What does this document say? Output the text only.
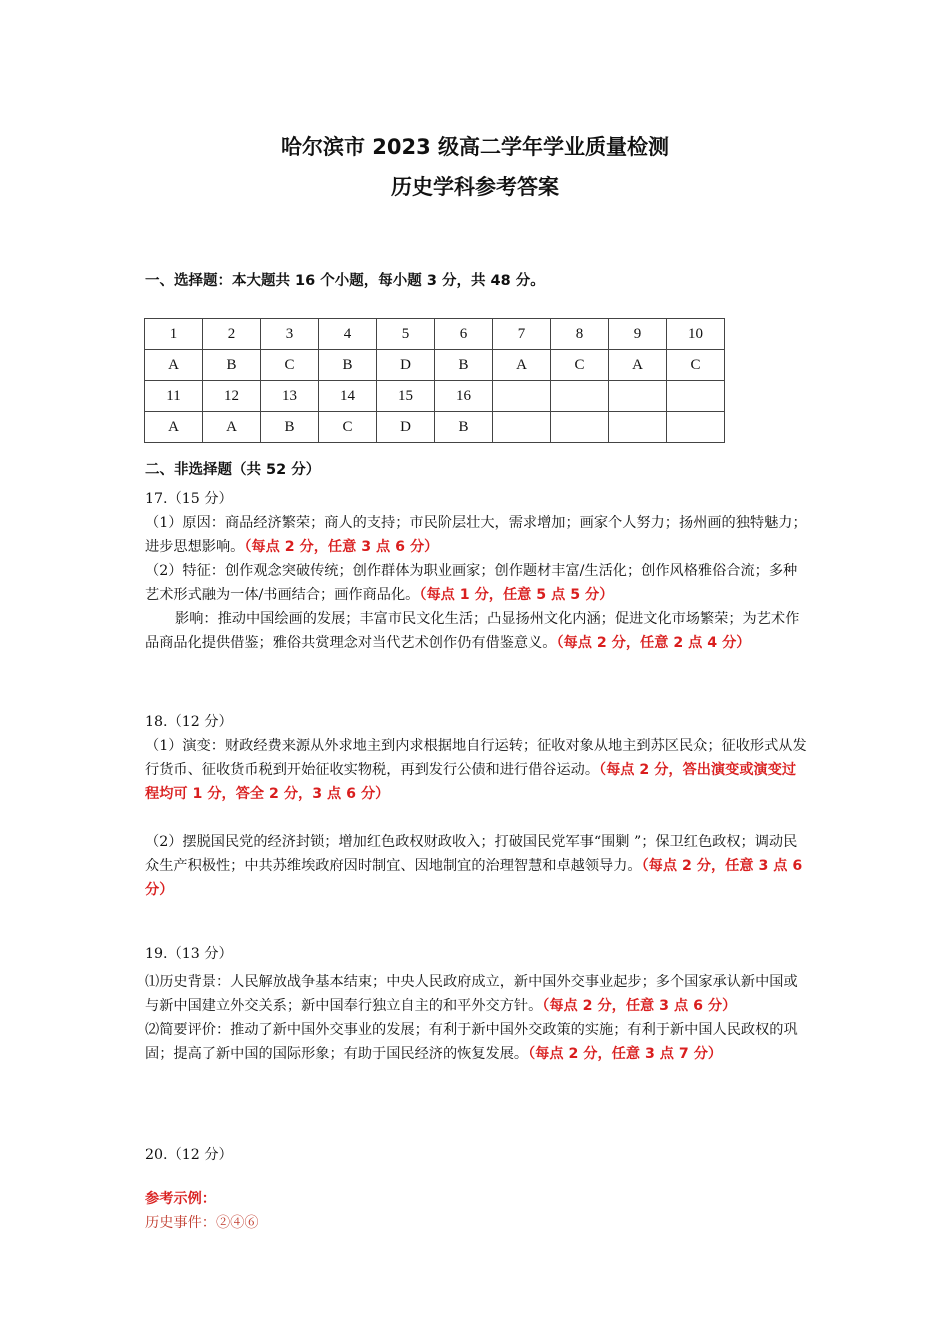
哈尔滨市 2023 级高二学年学业质量检测
历史学科参考答案
一、选择题：本大题共 16 个小题，每小题 3 分，共 48 分。
1	2	3	4	5	6	7	8	9	10
A	B	C	B	D	B	A	C	A	C
11	12	13	14	15	16				
A	A	B	C	D	B				
二、非选择题（共 52 分）

17.（15 分）

（1）原因：商品经济繁荣；商人的支持；市民阶层壮大，需求增加；画家个人努力；扬州画的独特魅力；进步思想影响。（每点 2 分，任意 3 点 6 分）

（2）特征：创作观念突破传统；创作群体为职业画家；创作题材丰富/生活化；创作风格雅俗合流；多种艺术形式融为一体/书画结合；画作商品化。（每点 1 分，任意 5 点 5 分）

影响：推动中国绘画的发展；丰富市民文化生活；凸显扬州文化内涵；促进文化市场繁荣；为艺术作品商品化提供借鉴；雅俗共赏理念对当代艺术创作仍有借鉴意义。（每点 2 分，任意 2 点 4 分）

18.（12 分）

（1）演变：财政经费来源从外求地主到内求根据地自行运转；征收对象从地主到苏区民众；征收形式从发行货币、征收货币税到开始征收实物税，再到发行公债和进行借谷运动。（每点 2 分，答出演变或演变过程均可 1 分，答全 2 分，3 点 6 分）

（2）摆脱国民党的经济封锁；增加红色政权财政收入；打破国民党军事“围剿 ”；保卫红色政权；调动民众生产积极性；中共苏维埃政府因时制宜、因地制宜的治理智慧和卓越领导力。（每点 2 分，任意 3 点 6 分）

19.（13 分）

⑴历史背景：人民解放战争基本结束；中央人民政府成立，新中国外交事业起步；多个国家承认新中国或与新中国建立外交关系；新中国奉行独立自主的和平外交方针。（每点 2 分，任意 3 点 6 分）

⑵简要评价：推动了新中国外交事业的发展；有利于新中国外交政策的实施；有利于新中国人民政权的巩固；提高了新中国的国际形象；有助于国民经济的恢复发展。（每点 2 分，任意 3 点 7 分）

20.（12 分）

参考示例：

历史事件：②④⑥
